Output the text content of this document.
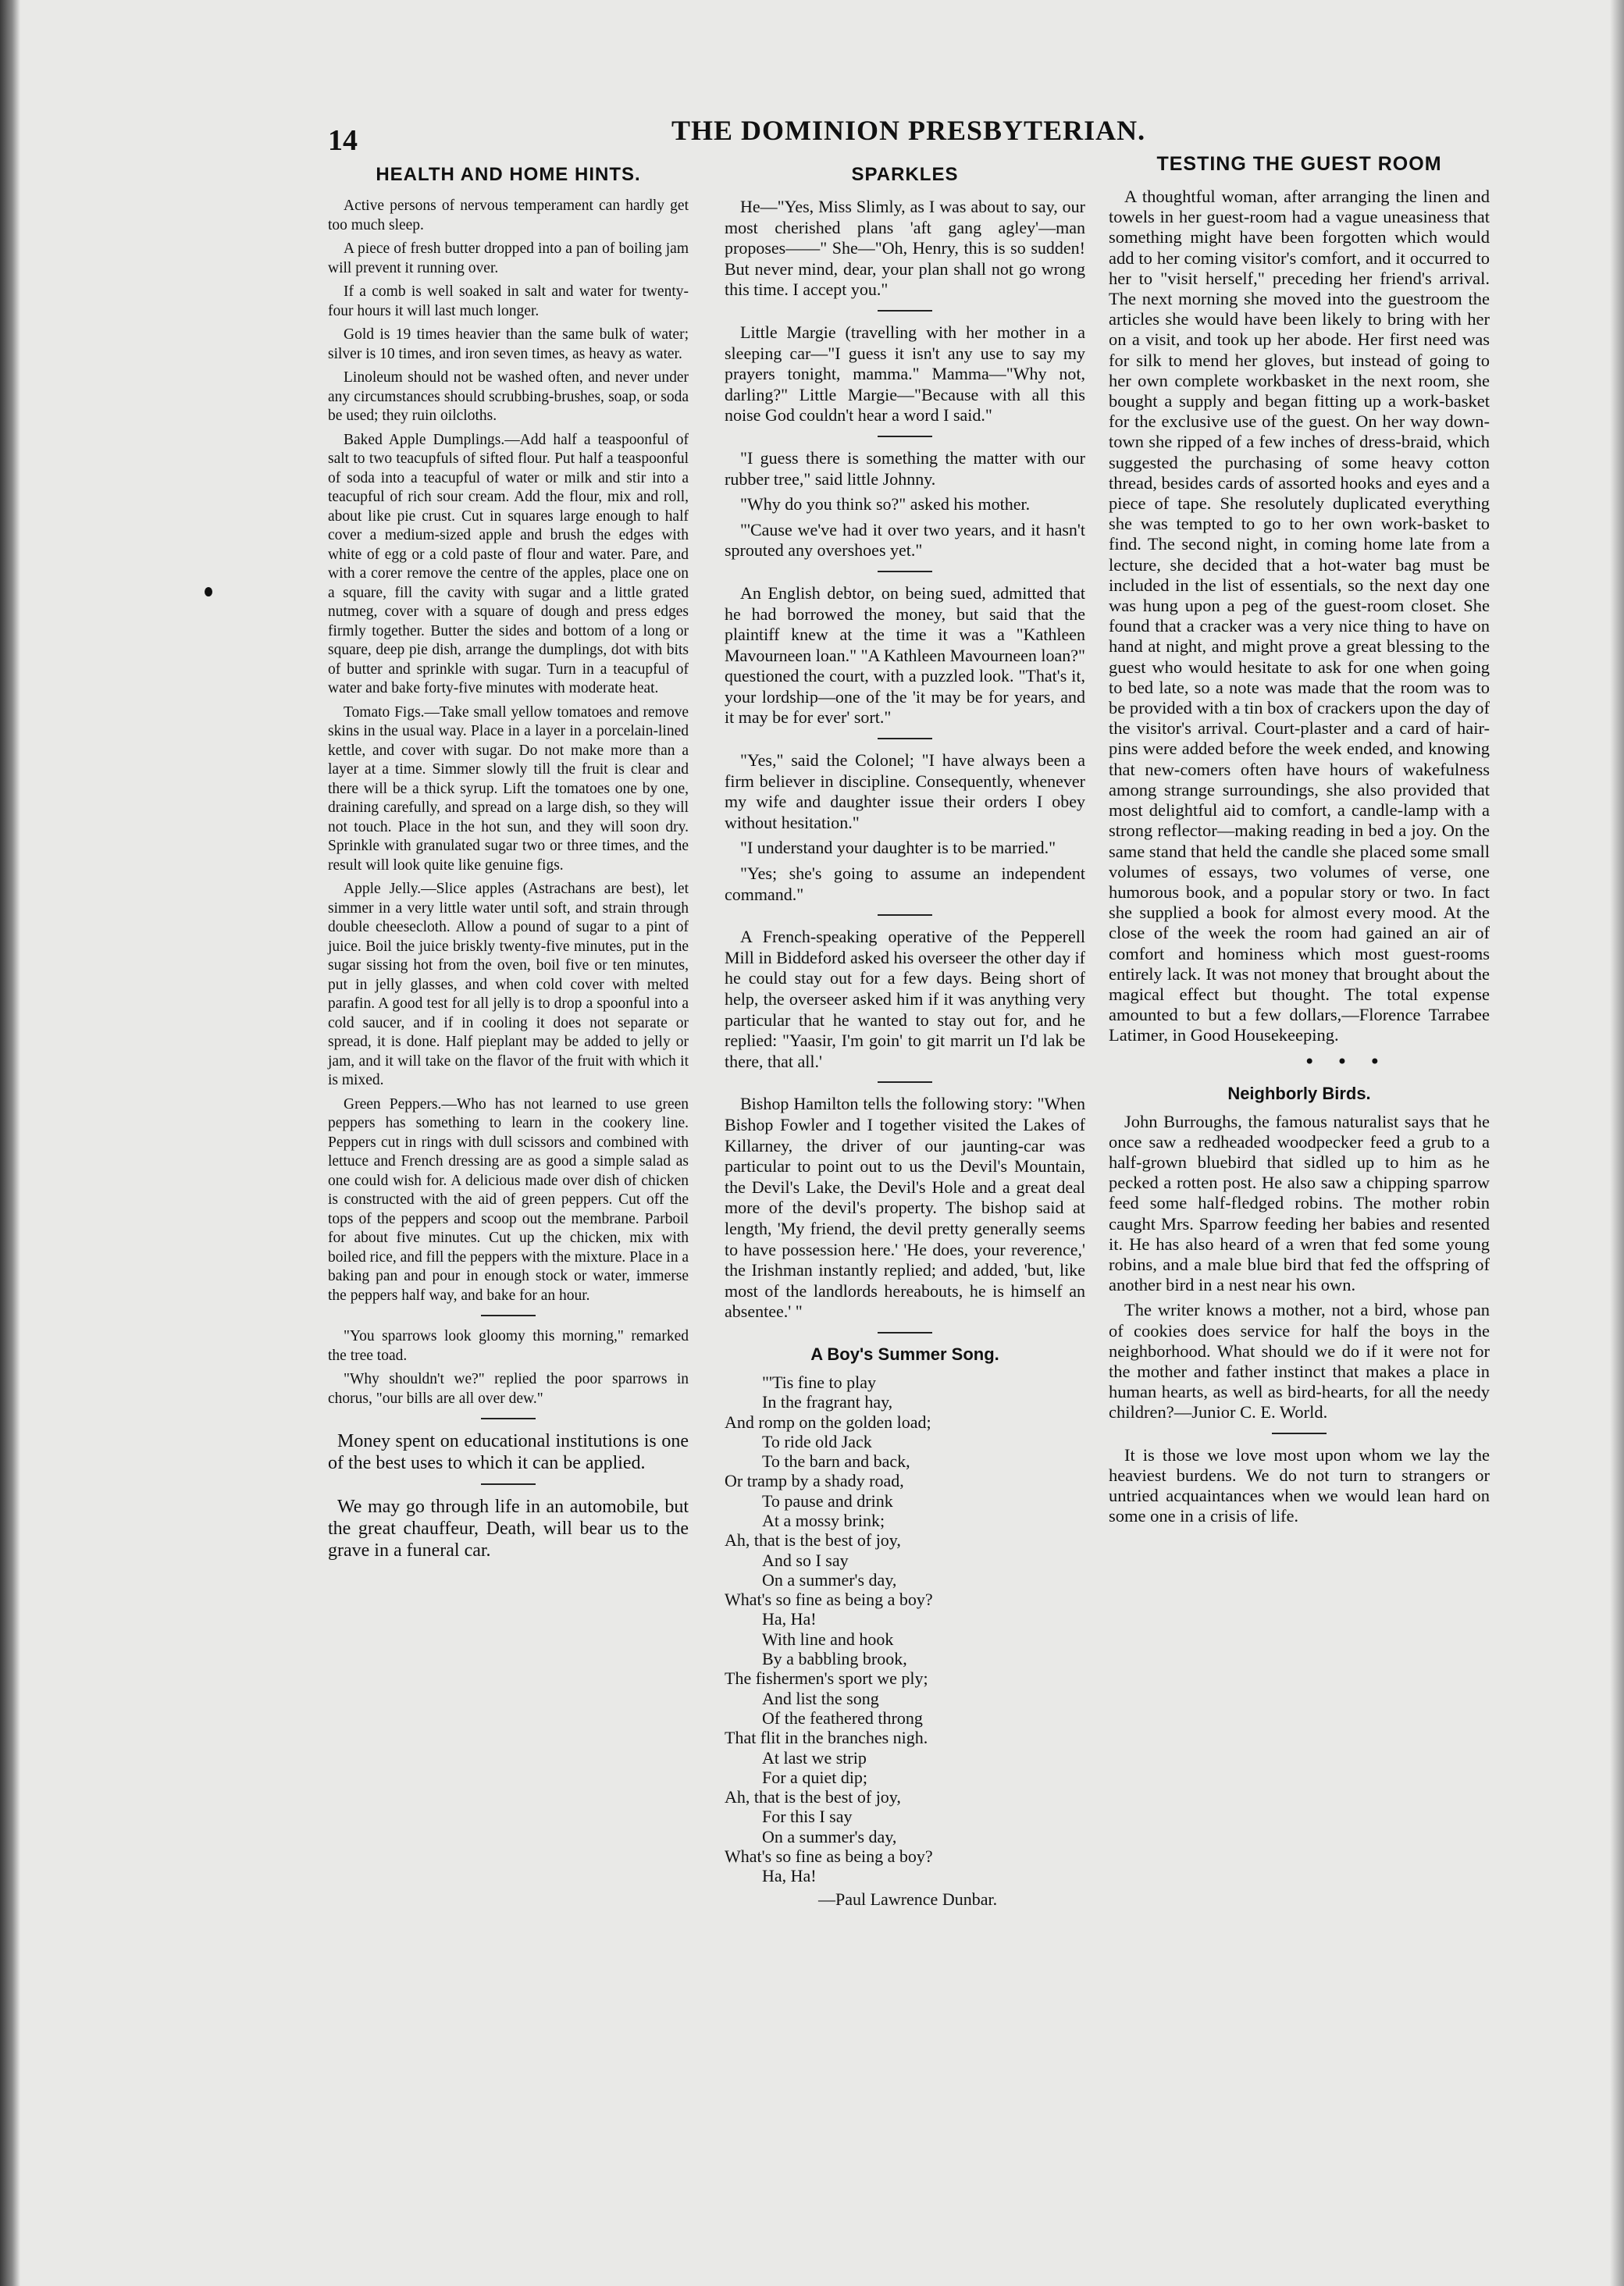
14	THE DOMINION PRESBYTERIAN.
HEALTH AND HOME HINTS.

Active persons of nervous temperament can hardly get too much sleep.

A piece of fresh butter dropped into a pan of boiling jam will prevent it running over.

If a comb is well soaked in salt and water for twenty-four hours it will last much longer.

Gold is 19 times heavier than the same bulk of water; silver is 10 times, and iron seven times, as heavy as water.

Linoleum should not be washed often, and never under any circumstances should scrubbing-brushes, soap, or soda be used; they ruin oilcloths.

Baked Apple Dumplings.—Add half a teaspoonful of salt to two teacupfuls of sifted flour. Put half a teaspoonful of soda into a teacupful of water or milk and stir into a teacupful of rich sour cream. Add the flour, mix and roll, about like pie crust. Cut in squares large enough to half cover a medium-sized apple and brush the edges with white of egg or a cold paste of flour and water. Pare, and with a corer remove the centre of the apples, place one on a square, fill the cavity with sugar and a little grated nutmeg, cover with a square of dough and press edges firmly together. Butter the sides and bottom of a long or square, deep pie dish, arrange the dumplings, dot with bits of butter and sprinkle with sugar. Turn in a teacupful of water and bake forty-five minutes with moderate heat.

Tomato Figs.—Take small yellow tomatoes and remove skins in the usual way. Place in a layer in a porcelain-lined kettle, and cover with sugar. Do not make more than a layer at a time. Simmer slowly till the fruit is clear and there will be a thick syrup. Lift the tomatoes one by one, draining carefully, and spread on a large dish, so they will not touch. Place in the hot sun, and they will soon dry. Sprinkle with granulated sugar two or three times, and the result will look quite like genuine figs.

Apple Jelly.—Slice apples (Astrachans are best), let simmer in a very little water until soft, and strain through double cheesecloth. Allow a pound of sugar to a pint of juice. Boil the juice briskly twenty-five minutes, put in the sugar sissing hot from the oven, boil five or ten minutes, put in jelly glasses, and when cold cover with melted parafin. A good test for all jelly is to drop a spoonful into a cold saucer, and if in cooling it does not separate or spread, it is done. Half pieplant may be added to jelly or jam, and it will take on the flavor of the fruit with which it is mixed.

Green Peppers.—Who has not learned to use green peppers has something to learn in the cookery line. Peppers cut in rings with dull scissors and combined with lettuce and French dressing are as good a simple salad as one could wish for. A delicious made over dish of chicken is constructed with the aid of green peppers. Cut off the tops of the peppers and scoop out the membrane. Parboil for about five minutes. Cut up the chicken, mix with boiled rice, and fill the peppers with the mixture. Place in a baking pan and pour in enough stock or water, immerse the peppers half way, and bake for an hour.

"You sparrows look gloomy this morning," remarked the tree toad.

"Why shouldn't we?" replied the poor sparrows in chorus, "our bills are all over dew."

Money spent on educational institutions is one of the best uses to which it can be applied.

We may go through life in an automobile, but the great chauffeur, Death, will bear us to the grave in a funeral car.

SPARKLES

He—"Yes, Miss Slimly, as I was about to say, our most cherished plans 'aft gang agley'—man proposes——" She—"Oh, Henry, this is so sudden! But never mind, dear, your plan shall not go wrong this time. I accept you."

Little Margie (travelling with her mother in a sleeping car—"I guess it isn't any use to say my prayers tonight, mamma." Mamma—"Why not, darling?" Little Margie—"Because with all this noise God couldn't hear a word I said."

"I guess there is something the matter with our rubber tree," said little Johnny.

"Why do you think so?" asked his mother.

"'Cause we've had it over two years, and it hasn't sprouted any overshoes yet."

An English debtor, on being sued, admitted that he had borrowed the money, but said that the plaintiff knew at the time it was a "Kathleen Mavourneen loan." "A Kathleen Mavourneen loan?" questioned the court, with a puzzled look. "That's it, your lordship—one of the 'it may be for years, and it may be for ever' sort."

"Yes," said the Colonel; "I have always been a firm believer in discipline. Consequently, whenever my wife and daughter issue their orders I obey without hesitation."

"I understand your daughter is to be married."

"Yes; she's going to assume an independent command."

A French-speaking operative of the Pepperell Mill in Biddeford asked his overseer the other day if he could stay out for a few days. Being short of help, the overseer asked him if it was anything very particular that he wanted to stay out for, and he replied: "Yaasir, I'm goin' to git marrit un I'd lak be there, that all.'

Bishop Hamilton tells the following story: "When Bishop Fowler and I together visited the Lakes of Killarney, the driver of our jaunting-car was particular to point out to us the Devil's Mountain, the Devil's Lake, the Devil's Hole and a great deal more of the devil's property. The bishop said at length, 'My friend, the devil pretty generally seems to have possession here.' 'He does, your reverence,' the Irishman instantly replied; and added, 'but, like most of the landlords hereabouts, he is himself an absentee.' "

A Boy's Summer Song.
"'Tis fine to play
In the fragrant hay,
And romp on the golden load;
To ride old Jack
To the barn and back,
Or tramp by a shady road,
To pause and drink
At a mossy brink;
Ah, that is the best of joy,
And so I say
On a summer's day,
What's so fine as being a boy?
Ha, Ha!
With line and hook
By a babbling brook,
The fishermen's sport we ply;
And list the song
Of the feathered throng
That flit in the branches nigh.
At last we strip
For a quiet dip;
Ah, that is the best of joy,
For this I say
On a summer's day,
What's so fine as being a boy?
Ha, Ha!
—Paul Lawrence Dunbar.
TESTING THE GUEST ROOM

A thoughtful woman, after arranging the linen and towels in her guest-room had a vague uneasiness that something might have been forgotten which would add to her coming visitor's comfort, and it occurred to her to "visit herself," preceding her friend's arrival. The next morning she moved into the guestroom the articles she would have been likely to bring with her on a visit, and took up her abode. Her first need was for silk to mend her gloves, but instead of going to her own complete workbasket in the next room, she bought a supply and began fitting up a work-basket for the exclusive use of the guest. On her way down-town she ripped of a few inches of dress-braid, which suggested the purchasing of some heavy cotton thread, besides cards of assorted hooks and eyes and a piece of tape. She resolutely duplicated everything she was tempted to go to her own work-basket to find. The second night, in coming home late from a lecture, she decided that a hot-water bag must be included in the list of essentials, so the next day one was hung upon a peg of the guest-room closet. She found that a cracker was a very nice thing to have on hand at night, and might prove a great blessing to the guest who would hesitate to ask for one when going to bed late, so a note was made that the room was to be provided with a tin box of crackers upon the day of the visitor's arrival. Court-plaster and a card of hair-pins were added before the week ended, and knowing that new-comers often have hours of wakefulness among strange surroundings, she also provided that most delightful aid to comfort, a candle-lamp with a strong reflector—making reading in bed a joy. On the same stand that held the candle she placed some small volumes of essays, two volumes of verse, one humorous book, and a popular story or two. In fact she supplied a book for almost every mood. At the close of the week the room had gained an air of comfort and hominess which most guest-rooms entirely lack. It was not money that brought about the magical effect but thought. The total expense amounted to but a few dollars,—Florence Tarrabee Latimer, in Good Housekeeping.

• • •
Neighborly Birds.

John Burroughs, the famous naturalist says that he once saw a redheaded woodpecker feed a grub to a half-grown bluebird that sidled up to him as he pecked a rotten post. He also saw a chipping sparrow feed some half-fledged robins. The mother robin caught Mrs. Sparrow feeding her babies and resented it. He has also heard of a wren that fed some young robins, and a male blue bird that fed the offspring of another bird in a nest near his own.

The writer knows a mother, not a bird, whose pan of cookies does service for half the boys in the neighborhood. What should we do if it were not for the mother and father instinct that makes a place in human hearts, as well as bird-hearts, for all the needy children?—Junior C. E. World.

It is those we love most upon whom we lay the heaviest burdens. We do not turn to strangers or untried acquaintances when we would lean hard on some one in a crisis of life.
